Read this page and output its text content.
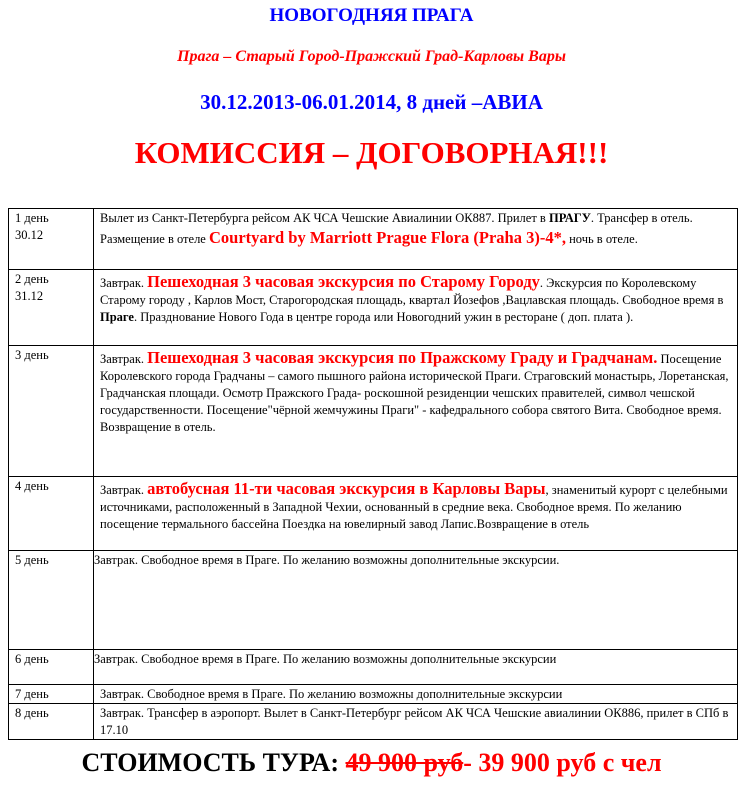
НОВОГОДНЯЯ ПРАГА
Прага – Старый Город-Пражский Град-Карловы Вары
30.12.2013-06.01.2014, 8 дней –АВИА
КОМИССИЯ – ДОГОВОРНАЯ!!!
1 день
30.12	Вылет из Санкт-Петербурга рейсом АК ЧСА Чешские Авиалинии ОК887. Прилет в ПРАГУ. Трансфер в отель. Размещение в отеле Courtyard by Marriott Prague Flora (Praha 3)-4*, ночь в отеле.
2 день
31.12	Завтрак. Пешеходная 3 часовая экскурсия по Старому Городу. Экскурсия по Королевскому Старому городу , Карлов Мост, Старогородская площадь, квартал Йозефов ,Вацлавская площадь. Свободное время в Праге. Празднование Нового Года в центре города или Новогодний ужин в ресторане ( доп. плата ).
3 день	Завтрак. Пешеходная 3 часовая экскурсия по Пражскому Граду и Градчанам. Посещение Королевского города Градчаны – самого пышного района исторической Праги. Страговский монастырь, Лоретанская, Градчанская площади. Осмотр Пражского Града- роскошной резиденции чешских правителей, символ чешской государственности. Посещение"чёрной жемчужины Праги" - кафедрального собора святого Вита. Свободное время. Возвращение в отель.
4 день	Завтрак. автобусная 11-ти часовая экскурсия в Карловы Вары, знаменитый курорт с целебными источниками, расположенный в Западной Чехии, основанный в средние века. Свободное время. По желанию посещение термального бассейна Поездка на ювелирный завод Лапис.Возвращение в отель
5 день	Завтрак. Свободное время в Праге. По желанию возможны дополнительные экскурсии.
6 день	Завтрак. Свободное время в Праге. По желанию возможны дополнительные экскурсии
7 день	Завтрак. Свободное время в Праге. По желанию возможны дополнительные экскурсии
8 день	Завтрак. Трансфер в аэропорт. Вылет в Санкт-Петербург рейсом АК ЧСА Чешские авиалинии ОК886, прилет в СПб в 17.10
СТОИМОСТЬ ТУРА: 49 900 руб- 39 900 руб с чел
